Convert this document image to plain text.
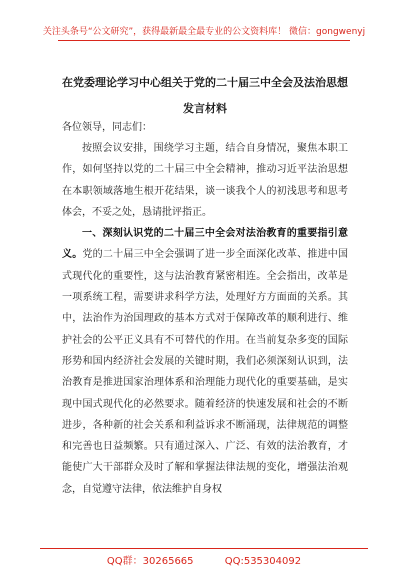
关注头条号“公文研究”，获得最新最全最专业的公文资料库！ 微信：gongwenyj
在党委理论学习中心组关于党的二十届三中全会及法治思想发言材料
各位领导，同志们：

按照会议安排，围绕学习主题，结合自身情况，聚焦本职工作，如何坚持以党的二十届三中全会精神，推动习近平法治思想在本职领域落地生根开花结果，谈一谈我个人的初浅思考和思考体会，不妥之处，恳请批评指正。

一、深刻认识党的二十届三中全会对法治教育的重要指引意义。党的二十届三中全会强调了进一步全面深化改革、推进中国式现代化的重要性，这与法治教育紧密相连。全会指出，改革是一项系统工程，需要讲求科学方法，处理好方方面面的关系。其中，法治作为治国理政的基本方式对于保障改革的顺利进行、维护社会的公平正义具有不可替代的作用。在当前复杂多变的国际形势和国内经济社会发展的关键时期，我们必须深刻认识到，法治教育是推进国家治理体系和治理能力现代化的重要基础，是实现中国式现代化的必然要求。随着经济的快速发展和社会的不断进步，各种新的社会关系和利益诉求不断涌现，法律规范的调整和完善也日益频繁。只有通过深入、广泛、有效的法治教育，才能使广大干部群众及时了解和掌握法律法规的变化，增强法治观念，自觉遵守法律，依法维护自身权

QQ群：30265665	QQ:535304092
